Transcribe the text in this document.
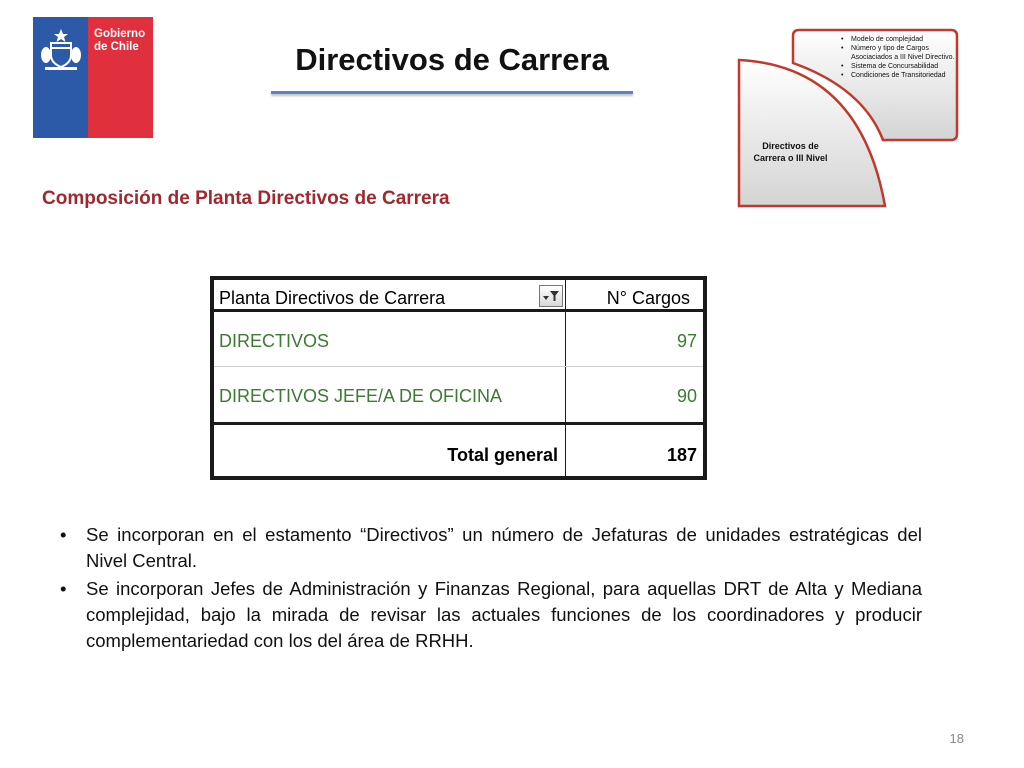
Gobierno
de Chile	Directivos de Carrera
• Modelo de complejidad
• Número y tipo de Cargos Asociaciados a III Nivel Directivo.
• Sistema de Concursabilidad
• Condiciones de Transitoriedad
Directivos de
Carrera o III Nivel
Composición de Planta Directivos de Carrera
Planta Directivos de Carrera	N° Cargos
DIRECTIVOS	97
DIRECTIVOS JEFE/A DE OFICINA	90
Total general	187
• Se incorporan en el estamento “Directivos” un número de Jefaturas de unidades estratégicas del Nivel Central.
• Se incorporan Jefes de Administración y Finanzas Regional, para aquellas DRT de Alta y Mediana complejidad, bajo la mirada de revisar las actuales funciones de los coordinadores y producir complementariedad con los del área de RRHH.
18
